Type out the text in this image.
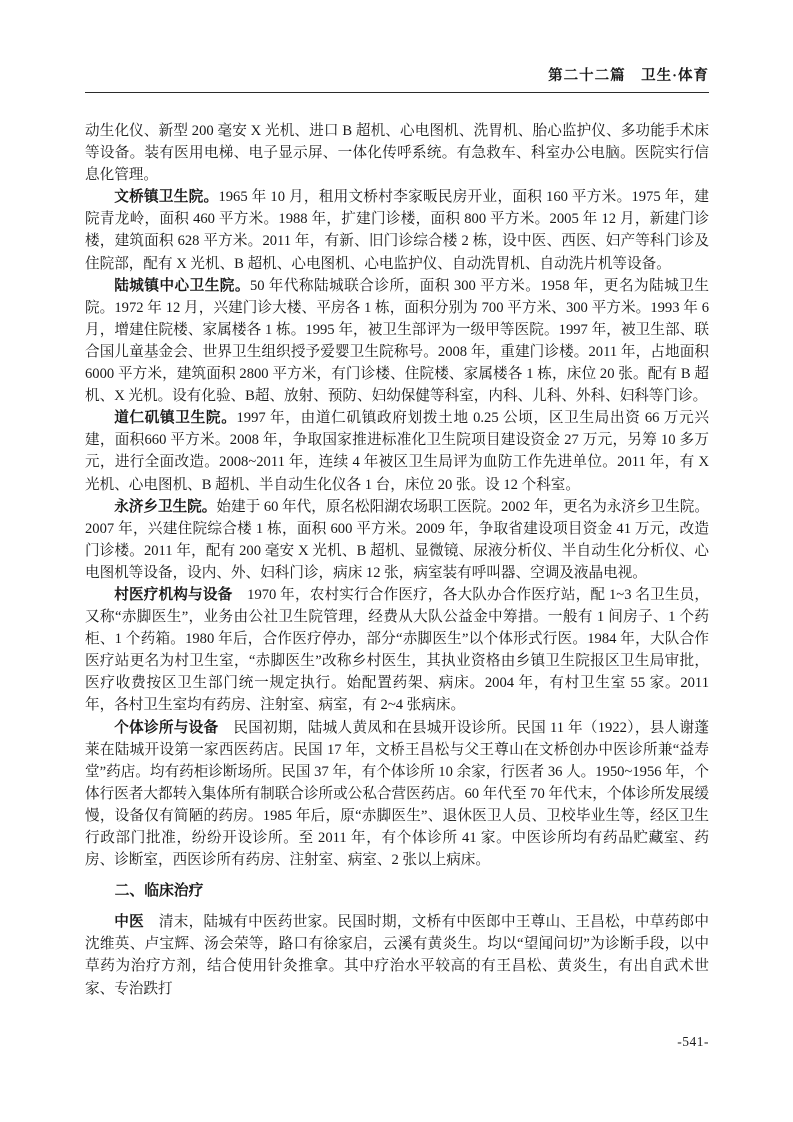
第二十二篇　卫生·体育

动生化仪、新型 200 毫安 X 光机、进口 B 超机、心电图机、洗胃机、胎心监护仪、多功能手术床等设备。装有医用电梯、电子显示屏、一体化传呼系统。有急救车、科室办公电脑。医院实行信息化管理。

文桥镇卫生院。1965 年 10 月，租用文桥村李家畈民房开业，面积 160 平方米。1975 年，建院青龙岭，面积 460 平方米。1988 年，扩建门诊楼，面积 800 平方米。2005 年 12 月，新建门诊楼，建筑面积 628 平方米。2011 年，有新、旧门诊综合楼 2 栋，设中医、西医、妇产等科门诊及住院部，配有 X 光机、B 超机、心电图机、心电监护仪、自动洗胃机、自动洗片机等设备。

陆城镇中心卫生院。50 年代称陆城联合诊所，面积 300 平方米。1958 年，更名为陆城卫生院。1972 年 12 月，兴建门诊大楼、平房各 1 栋，面积分别为 700 平方米、300 平方米。1993 年 6 月，增建住院楼、家属楼各 1 栋。1995 年，被卫生部评为一级甲等医院。1997 年，被卫生部、联合国儿童基金会、世界卫生组织授予爱婴卫生院称号。2008 年，重建门诊楼。2011 年，占地面积 6000 平方米，建筑面积 2800 平方米，有门诊楼、住院楼、家属楼各 1 栋，床位 20 张。配有 B 超机、X 光机。设有化验、B超、放射、预防、妇幼保健等科室，内科、儿科、外科、妇科等门诊。

道仁矶镇卫生院。1997 年，由道仁矶镇政府划拨土地 0.25 公顷，区卫生局出资 66 万元兴建，面积660 平方米。2008 年，争取国家推进标准化卫生院项目建设资金 27 万元，另筹 10 多万元，进行全面改造。2008~2011 年，连续 4 年被区卫生局评为血防工作先进单位。2011 年，有 X 光机、心电图机、B 超机、半自动生化仪各 1 台，床位 20 张。设 12 个科室。

永济乡卫生院。始建于 60 年代，原名松阳湖农场职工医院。2002 年，更名为永济乡卫生院。2007 年，兴建住院综合楼 1 栋，面积 600 平方米。2009 年，争取省建设项目资金 41 万元，改造门诊楼。2011 年，配有 200 毫安 X 光机、B 超机、显微镜、尿液分析仪、半自动生化分析仪、心电图机等设备，设内、外、妇科门诊，病床 12 张，病室装有呼叫器、空调及液晶电视。

村医疗机构与设备　1970 年，农村实行合作医疗，各大队办合作医疗站，配 1~3 名卫生员，又称“赤脚医生”，业务由公社卫生院管理，经费从大队公益金中筹措。一般有 1 间房子、1 个药柜、1 个药箱。1980 年后，合作医疗停办，部分“赤脚医生”以个体形式行医。1984 年，大队合作医疗站更名为村卫生室，“赤脚医生”改称乡村医生，其执业资格由乡镇卫生院报区卫生局审批，医疗收费按区卫生部门统一规定执行。始配置药架、病床。2004 年，有村卫生室 55 家。2011 年，各村卫生室均有药房、注射室、病室，有 2~4 张病床。

个体诊所与设备　民国初期，陆城人黄凤和在县城开设诊所。民国 11 年（1922），县人谢蓬莱在陆城开设第一家西医药店。民国 17 年，文桥王昌松与父王尊山在文桥创办中医诊所兼“益寿堂”药店。均有药柜诊断场所。民国 37 年，有个体诊所 10 余家，行医者 36 人。1950~1956 年，个体行医者大都转入集体所有制联合诊所或公私合营医药店。60 年代至 70 年代末，个体诊所发展缓慢，设备仅有简陋的药房。1985 年后，原“赤脚医生”、退休医卫人员、卫校毕业生等，经区卫生行政部门批准，纷纷开设诊所。至 2011 年，有个体诊所 41 家。中医诊所均有药品贮藏室、药房、诊断室，西医诊所有药房、注射室、病室、2 张以上病床。

二、临床治疗

中医　清末，陆城有中医药世家。民国时期，文桥有中医郎中王尊山、王昌松，中草药郎中沈维英、卢宝辉、汤会荣等，路口有徐家启，云溪有黄炎生。均以“望闻问切”为诊断手段，以中草药为治疗方剂，结合使用针灸推拿。其中疗治水平较高的有王昌松、黄炎生，有出自武术世家、专治跌打

-541-
